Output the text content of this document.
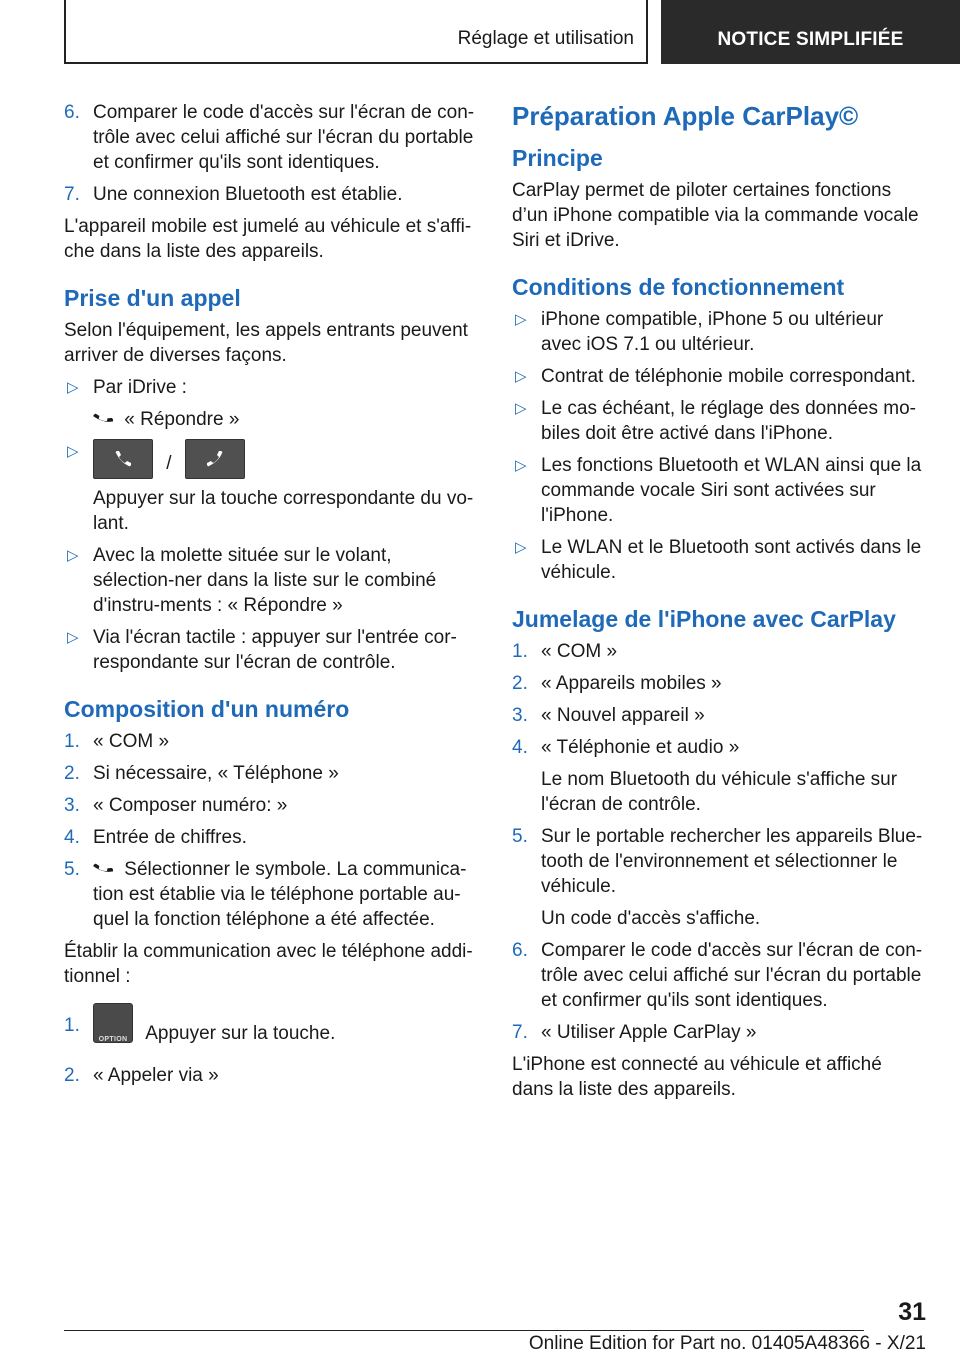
Réglage et utilisation	NOTICE SIMPLIFIÉE
6. Comparer le code d'accès sur l'écran de con-trôle avec celui affiché sur l'écran du portable et confirmer qu'ils sont identiques.
7. Une connexion Bluetooth est établie.

L'appareil mobile est jumelé au véhicule et s'affi-che dans la liste des appareils.

Prise d'un appel

Selon l'équipement, les appels entrants peuvent arriver de diverses façons.

▷ Par iDrive :
« Répondre »
▷
/
Appuyer sur la touche correspondante du vo-lant.
▷ Avec la molette située sur le volant, sélection-ner dans la liste sur le combiné d'instru-ments : « Répondre »
▷ Via l'écran tactile : appuyer sur l'entrée cor-respondante sur l'écran de contrôle.
Composition d'un numéro
1. « COM »
2. Si nécessaire, « Téléphone »
3. « Composer numéro: »
4. Entrée de chiffres.
5. Sélectionner le symbole. La communica-tion est établie via le téléphone portable au-quel la fonction téléphone a été affectée.

Établir la communication avec le téléphone addi-tionnel :

1.
OPTION Appuyer sur la touche.
2. « Appeler via »
Préparation Apple CarPlay©
Principe

CarPlay permet de piloter certaines fonctions d’un iPhone compatible via la commande vocale Siri et iDrive.

Conditions de fonctionnement
▷ iPhone compatible, iPhone 5 ou ultérieur avec iOS 7.1 ou ultérieur.
▷ Contrat de téléphonie mobile correspondant.
▷ Le cas échéant, le réglage des données mo-biles doit être activé dans l'iPhone.
▷ Les fonctions Bluetooth et WLAN ainsi que la commande vocale Siri sont activées sur l'iPhone.
▷ Le WLAN et le Bluetooth sont activés dans le véhicule.
Jumelage de l'iPhone avec CarPlay
1. « COM »
2. « Appareils mobiles »
3. « Nouvel appareil »
4. « Téléphonie et audio »
Le nom Bluetooth du véhicule s'affiche sur l'écran de contrôle.
5. Sur le portable rechercher les appareils Blue-tooth de l'environnement et sélectionner le véhicule.
Un code d'accès s'affiche.
6. Comparer le code d'accès sur l'écran de con-trôle avec celui affiché sur l'écran du portable et confirmer qu'ils sont identiques.
7. « Utiliser Apple CarPlay »

L'iPhone est connecté au véhicule et affiché dans la liste des appareils.

31
Online Edition for Part no. 01405A48366 - X/21
